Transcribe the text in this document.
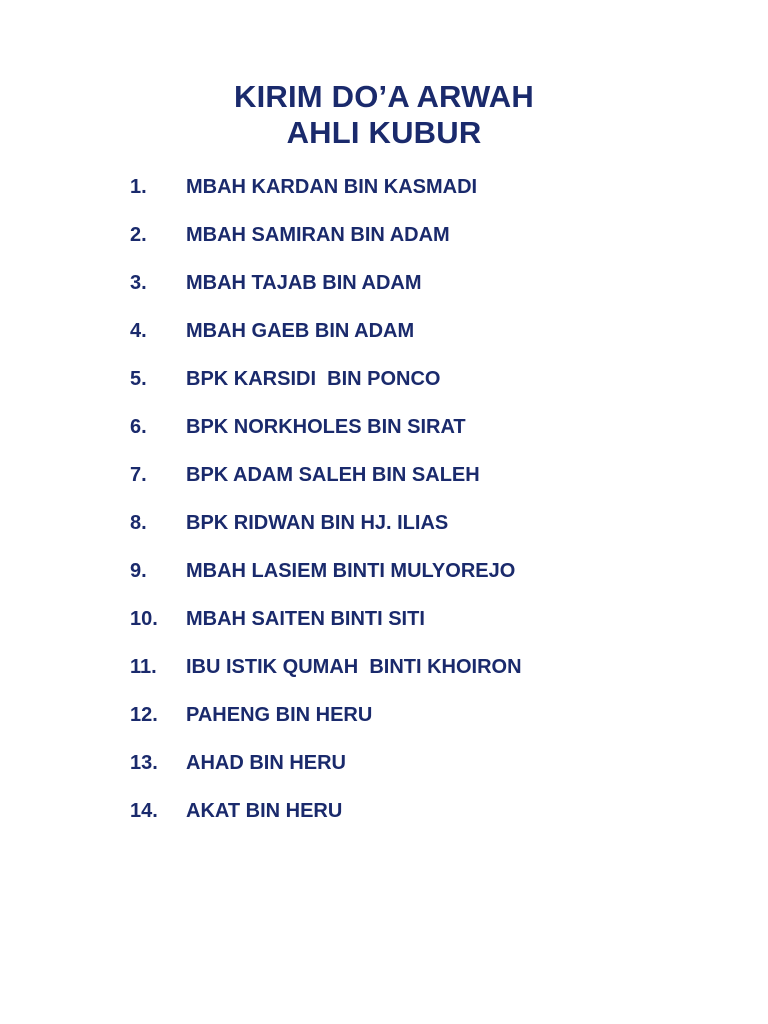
KIRIM DO’A ARWAH
AHLI KUBUR
1.	MBAH KARDAN BIN KASMADI
2.	MBAH SAMIRAN BIN ADAM
3.	MBAH TAJAB BIN ADAM
4.	MBAH GAEB BIN ADAM
5.	BPK KARSIDI  BIN PONCO
6.	BPK NORKHOLES BIN SIRAT
7.	BPK ADAM SALEH BIN SALEH
8.	BPK RIDWAN BIN HJ. ILIAS
9.	MBAH LASIEM BINTI MULYOREJO
10.	MBAH SAITEN BINTI SITI
11.	IBU ISTIK QUMAH  BINTI KHOIRON
12.	PAHENG BIN HERU
13.	AHAD BIN HERU
14.	AKAT BIN HERU
